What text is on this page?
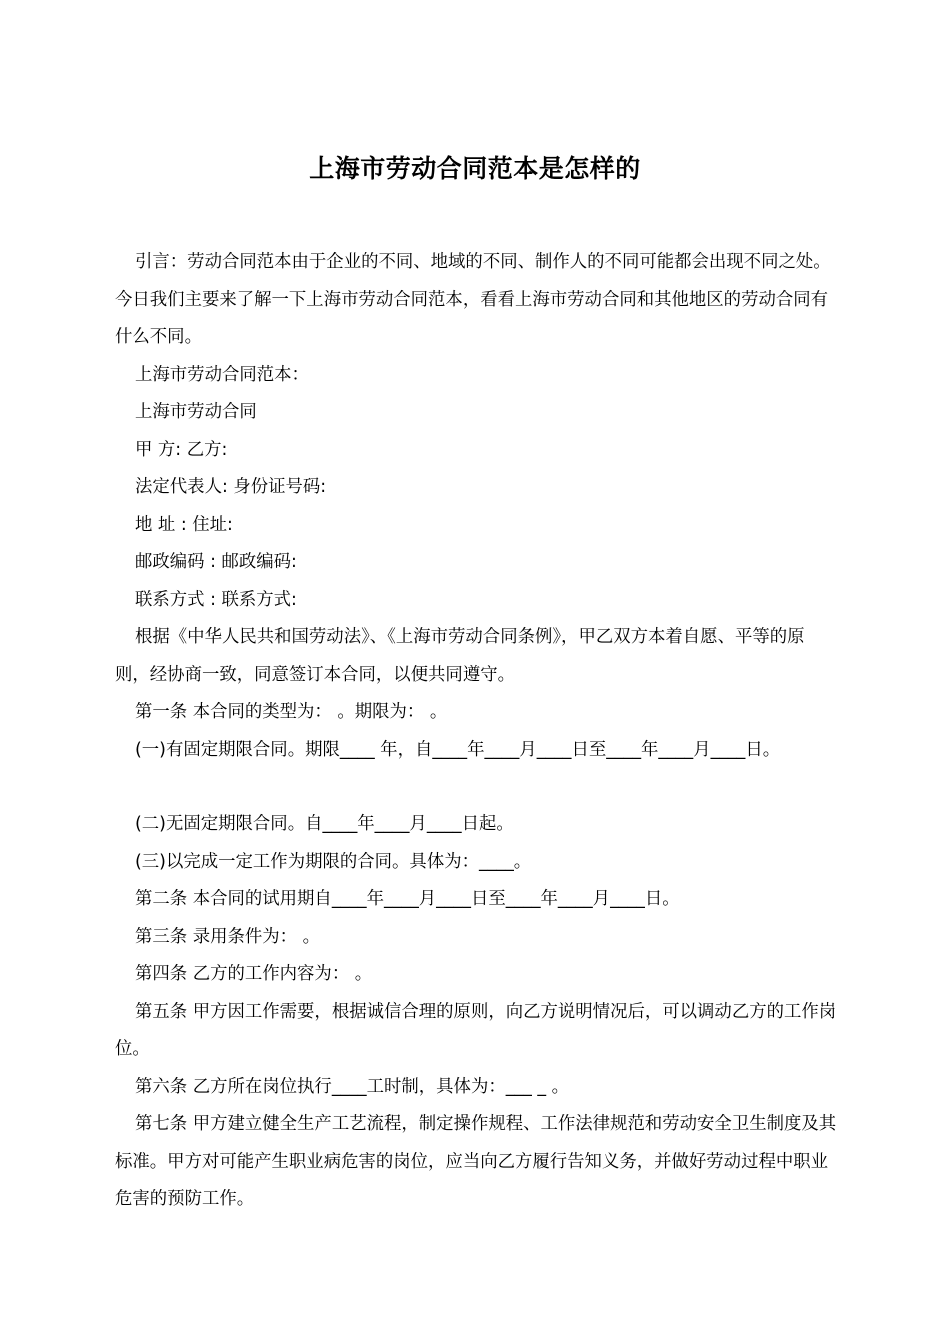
上海市劳动合同范本是怎样的

引言：劳动合同范本由于企业的不同、地域的不同、制作人的不同可能都会出现不同之处。今日我们主要来了解一下上海市劳动合同范本，看看上海市劳动合同和其他地区的劳动合同有什么不同。

上海市劳动合同范本：

上海市劳动合同

甲 方: 乙方:

法定代表人: 身份证号码:

地 址 : 住址:

邮政编码 : 邮政编码:

联系方式 : 联系方式:

根据《中华人民共和国劳动法》、《上海市劳动合同条例》，甲乙双方本着自愿、平等的原则，经协商一致，同意签订本合同，以便共同遵守。

第一条 本合同的类型为： 。期限为： 。

(一)有固定期限合同。期限____ 年，自____年____月____日至____年____月____日。

(二)无固定期限合同。自____年____月____日起。

(三)以完成一定工作为期限的合同。具体为：____。

第二条 本合同的试用期自____年____月____日至____年____月____日。

第三条 录用条件为： 。

第四条 乙方的工作内容为： 。

第五条 甲方因工作需要，根据诚信合理的原则，向乙方说明情况后，可以调动乙方的工作岗位。

第六条 乙方所在岗位执行____工时制，具体为：___ _ 。

第七条 甲方建立健全生产工艺流程，制定操作规程、工作法律规范和劳动安全卫生制度及其标准。甲方对可能产生职业病危害的岗位，应当向乙方履行告知义务，并做好劳动过程中职业危害的预防工作。
